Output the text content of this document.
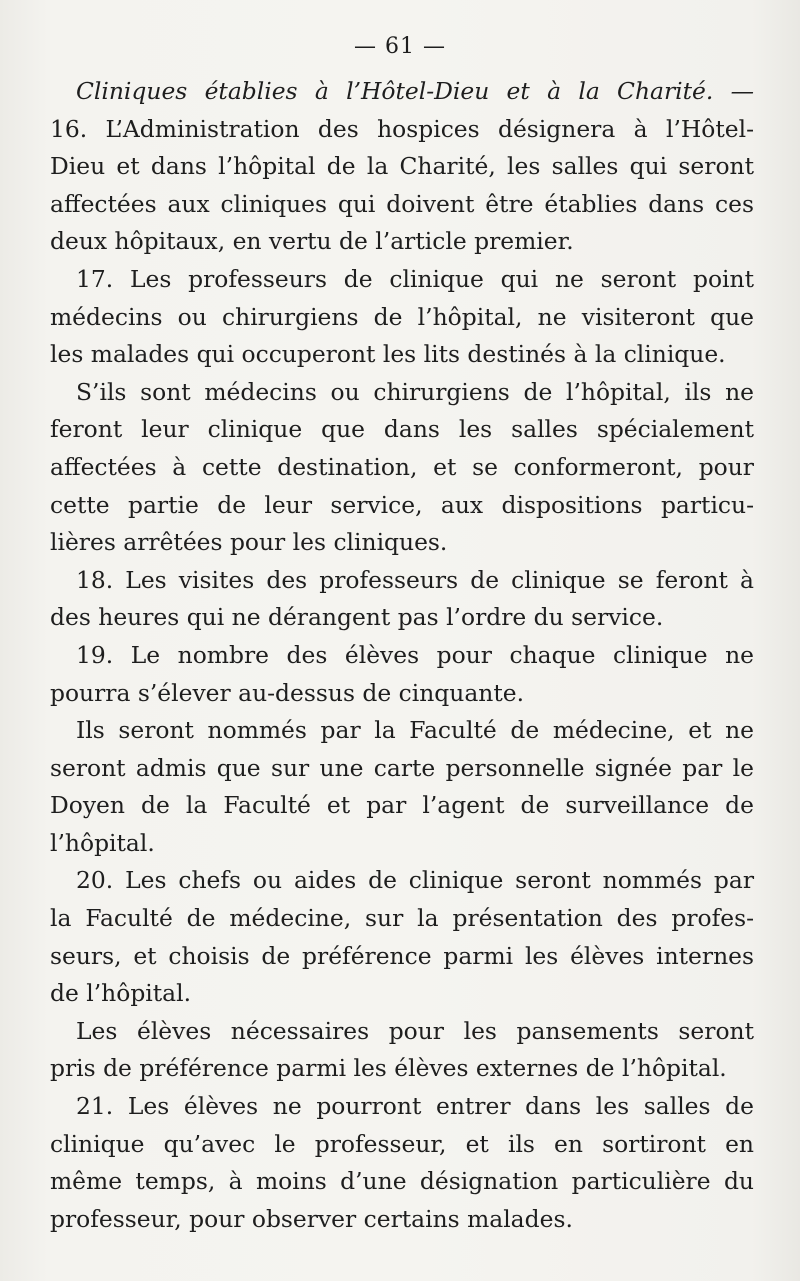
— 61 —
Cliniques établies à l’Hôtel-Dieu et à la Charité. —
16. L’Administration des hospices désignera à l’Hôtel-
Dieu et dans l’hôpital de la Charité, les salles qui seront
affectées aux cliniques qui doivent être établies dans ces
deux hôpitaux, en vertu de l’article premier.
17. Les professeurs de clinique qui ne seront point
médecins ou chirurgiens de l’hôpital, ne visiteront que
les malades qui occuperont les lits destinés à la clinique.
S’ils sont médecins ou chirurgiens de l’hôpital, ils ne
feront leur clinique que dans les salles spécialement
affectées à cette destination, et se conformeront, pour
cette partie de leur service, aux dispositions particu-
lières arrêtées pour les cliniques.
18. Les visites des professeurs de clinique se feront à
des heures qui ne dérangent pas l’ordre du service.
19. Le nombre des élèves pour chaque clinique ne
pourra s’élever au-dessus de cinquante.
Ils seront nommés par la Faculté de médecine, et ne
seront admis que sur une carte personnelle signée par le
Doyen de la Faculté et par l’agent de surveillance de
l’hôpital.
20. Les chefs ou aides de clinique seront nommés par
la Faculté de médecine, sur la présentation des profes-
seurs, et choisis de préférence parmi les élèves internes
de l’hôpital.
Les élèves nécessaires pour les pansements seront
pris de préférence parmi les élèves externes de l’hôpital.
21. Les élèves ne pourront entrer dans les salles de
clinique qu’avec le professeur, et ils en sortiront en
même temps, à moins d’une désignation particulière du
professeur, pour observer certains malades.
